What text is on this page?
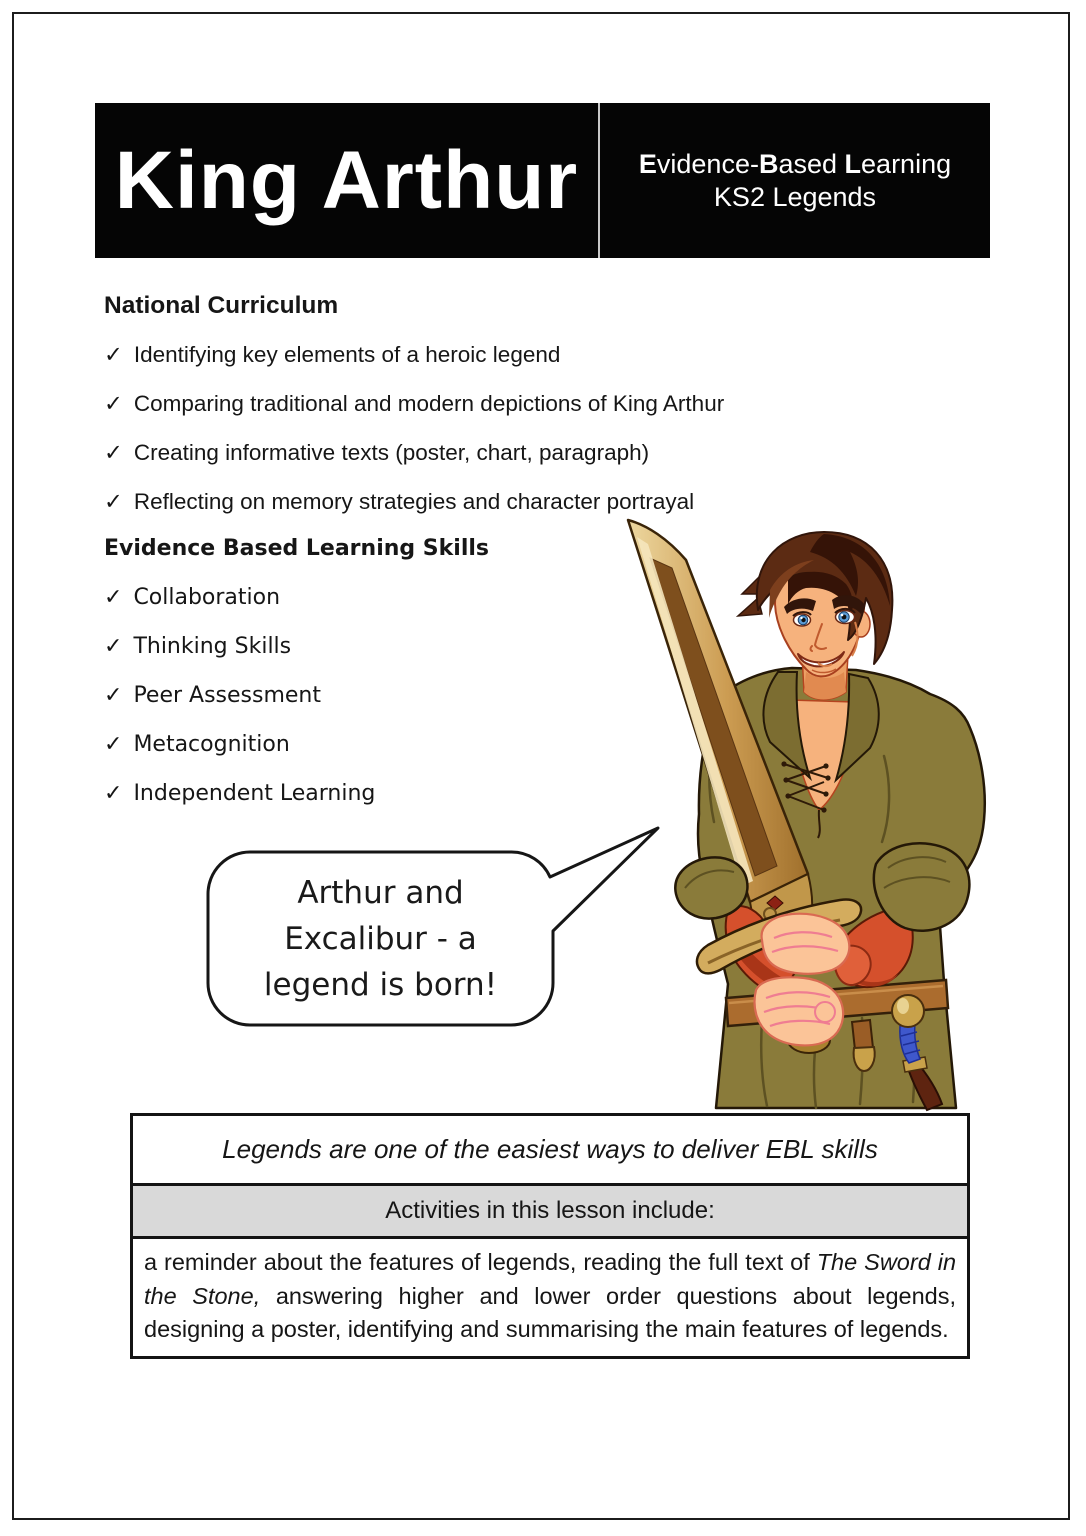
King Arthur Evidence-Based Learning
KS2 Legends
National Curriculum
✓ Identifying key elements of a heroic legend
✓ Comparing traditional and modern depictions of King Arthur
✓ Creating informative texts (poster, chart, paragraph)
✓ Reflecting on memory strategies and character portrayal
Evidence Based Learning Skills
✓ Collaboration
✓ Thinking Skills
✓ Peer Assessment
✓ Metacognition
✓ Independent Learning
Arthur and
Excalibur - a
legend is born!
Legends are one of the easiest ways to deliver EBL skills
Activities in this lesson include:

a reminder about the features of legends, reading the full text of The Sword in the Stone, answering higher and lower order questions about legends, designing a poster, identifying and summarising the main features of legends.
